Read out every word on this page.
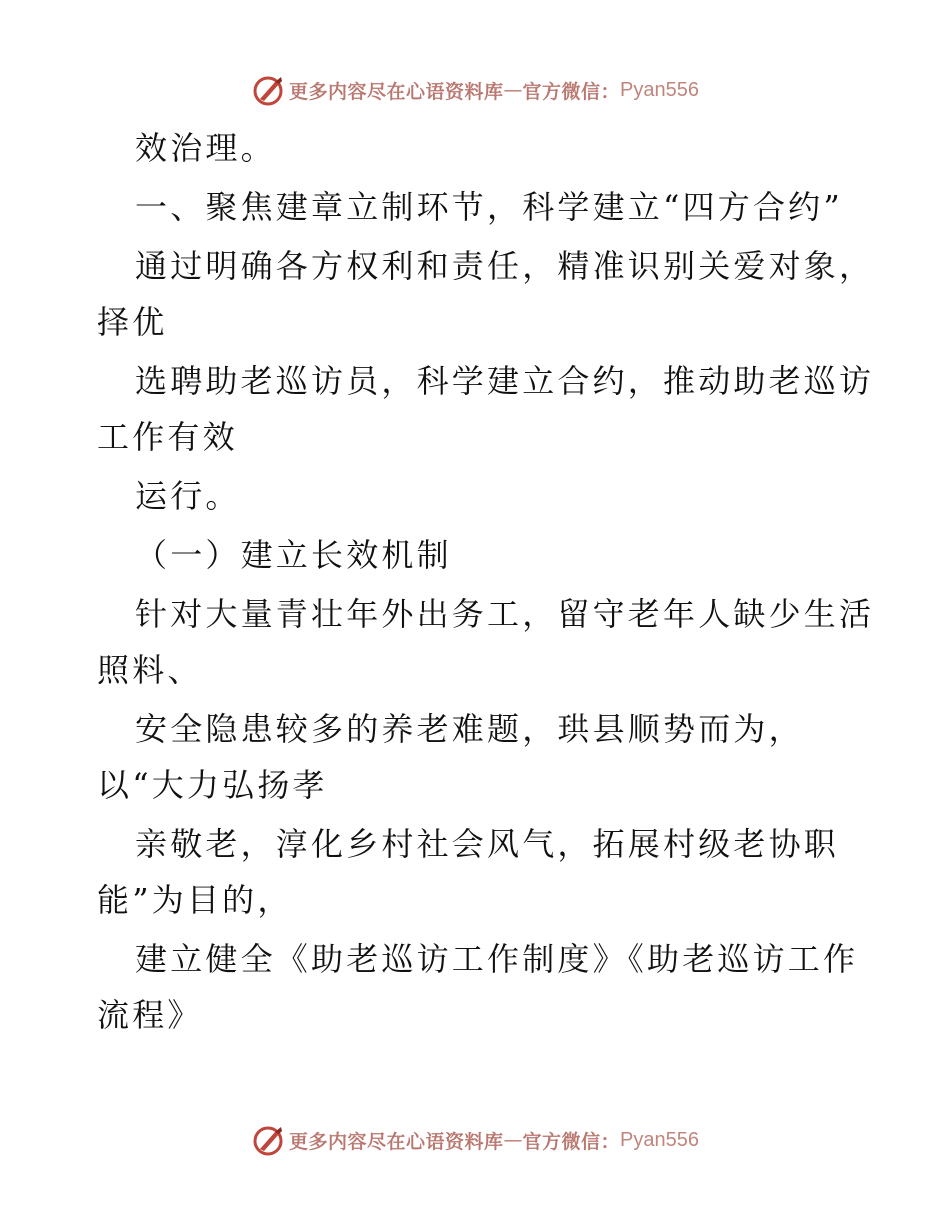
更多内容尽在心语资料库 — 官方微信： Pyan556
效治理。
一、聚焦建章立制环节，科学建立“四方合约”
通过明确各方权利和责任，精准识别关爱对象，
择优
选聘助老巡访员，科学建立合约，推动助老巡访
工作有效
运行。
（一）建立长效机制
针对大量青壮年外出务工，留守老年人缺少生活
照料、
安全隐患较多的养老难题，珙县顺势而为，
以“大力弘扬孝
亲敬老，淳化乡村社会风气，拓展村级老协职
能”为目的，
建立健全《助老巡访工作制度》《助老巡访工作
流程》
更多内容尽在心语资料库 — 官方微信： Pyan556
